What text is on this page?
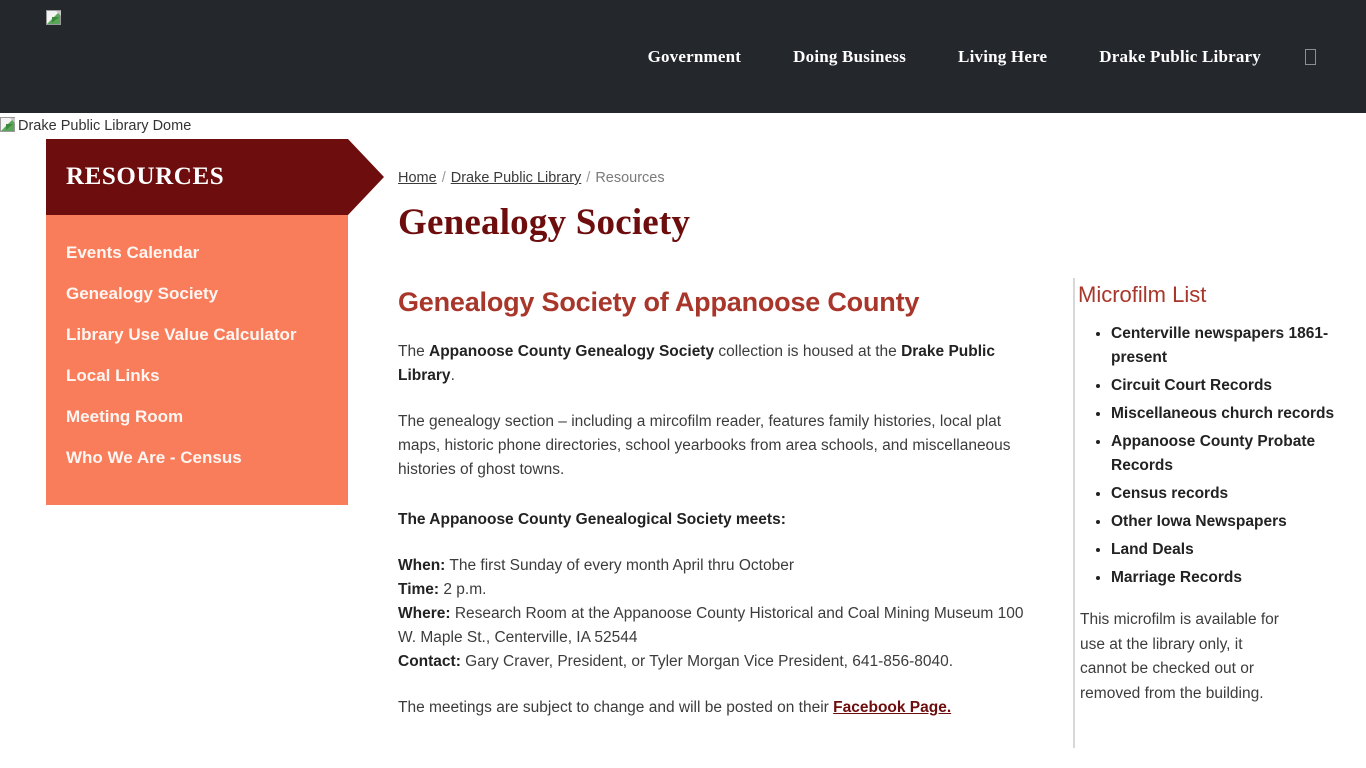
Government	Doing Business	Living Here	Drake Public Library
Drake Public Library Dome
RESOURCES
Events Calendar
Genealogy Society
Library Use Value Calculator
Local Links
Meeting Room
Who We Are - Census
Home / Drake Public Library / Resources
Genealogy Society
Genealogy Society of Appanoose County

The Appanoose County Genealogy Society collection is housed at the Drake Public Library.

The genealogy section – including a mircofilm reader, features family histories, local plat maps, historic phone directories, school yearbooks from area schools, and miscellaneous histories of ghost towns.

The Appanoose County Genealogical Society meets:

When: The first Sunday of every month April thru October
Time: 2 p.m.
Where: Research Room at the Appanoose County Historical and Coal Mining Museum 100 W. Maple St., Centerville, IA 52544
Contact: Gary Craver, President, or Tyler Morgan Vice President, 641-856-8040.

The meetings are subject to change and will be posted on their Facebook Page.

Microfilm List
• Centerville newspapers 1861-present
• Circuit Court Records
• Miscellaneous church records
• Appanoose County Probate Records
• Census records
• Other Iowa Newspapers
• Land Deals
• Marriage Records

This microfilm is available for use at the library only, it cannot be checked out or removed from the building.
